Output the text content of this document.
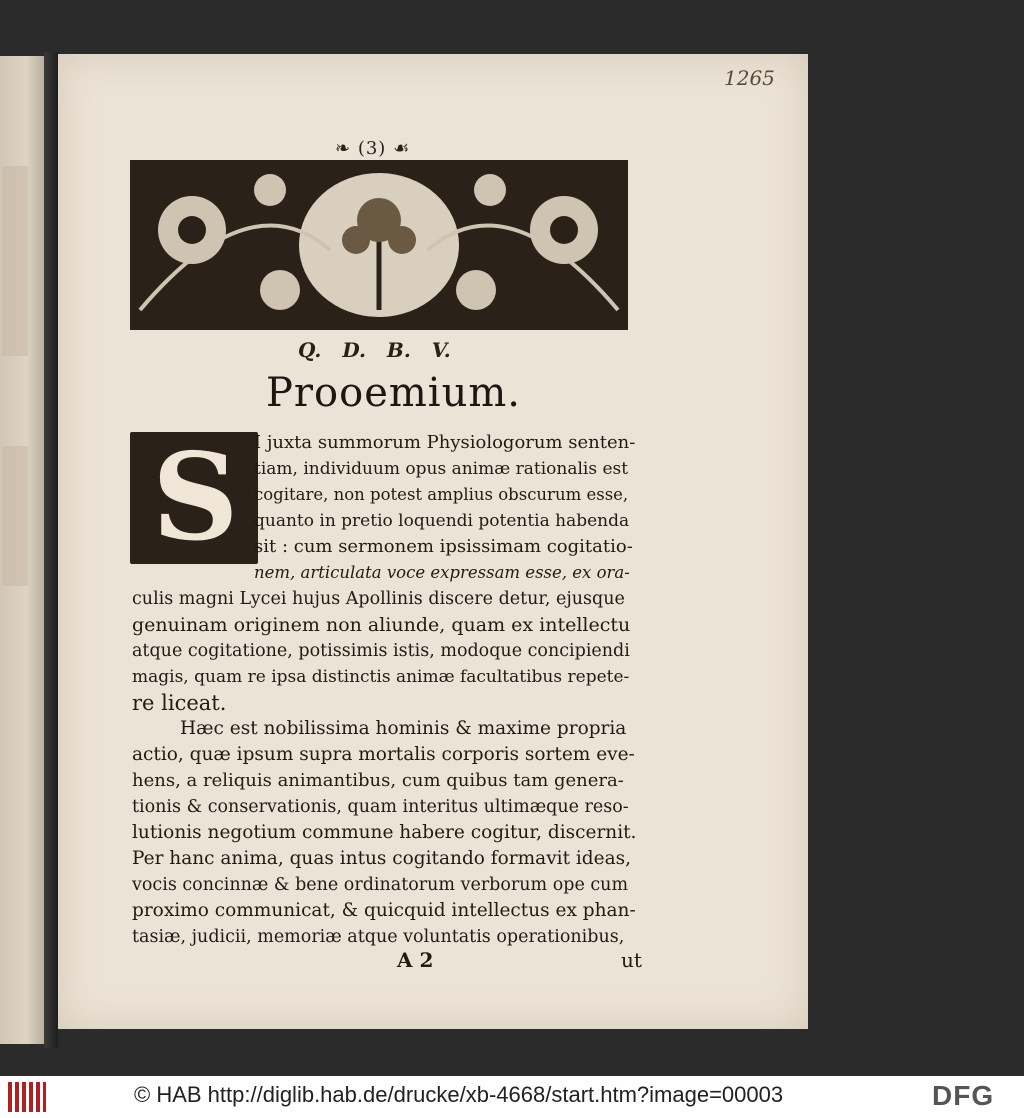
1265
❧ (3) ☙
Q. D. B. V.
Prooemium.
S I juxta summorum Physiologorum senten-
tiam, individuum opus animæ rationalis est
cogitare, non potest amplius obscurum esse,
quanto in pretio loquendi potentia habenda
sit : cum sermonem ipsissimam cogitatio-
nem, articulata voce expressam esse, ex ora-
culis magni Lycei hujus Apollinis discere detur, ejusque
genuinam originem non aliunde, quam ex intellectu
atque cogitatione, potissimis istis, modoque concipiendi
magis, quam re ipsa distinctis animæ facultatibus repete-
re liceat.
Hæc est nobilissima hominis & maxime propria
actio, quæ ipsum supra mortalis corporis sortem eve-
hens, a reliquis animantibus, cum quibus tam genera-
tionis & conservationis, quam interitus ultimæque reso-
lutionis negotium commune habere cogitur, discernit.
Per hanc anima, quas intus cogitando formavit ideas,
vocis concinnæ & bene ordinatorum verborum ope cum
proximo communicat, & quicquid intellectus ex phan-
tasiæ, judicii, memoriæ atque voluntatis operationibus,
A 2	ut
© HAB http://diglib.hab.de/drucke/xb-4668/start.htm?image=00003	DFG
